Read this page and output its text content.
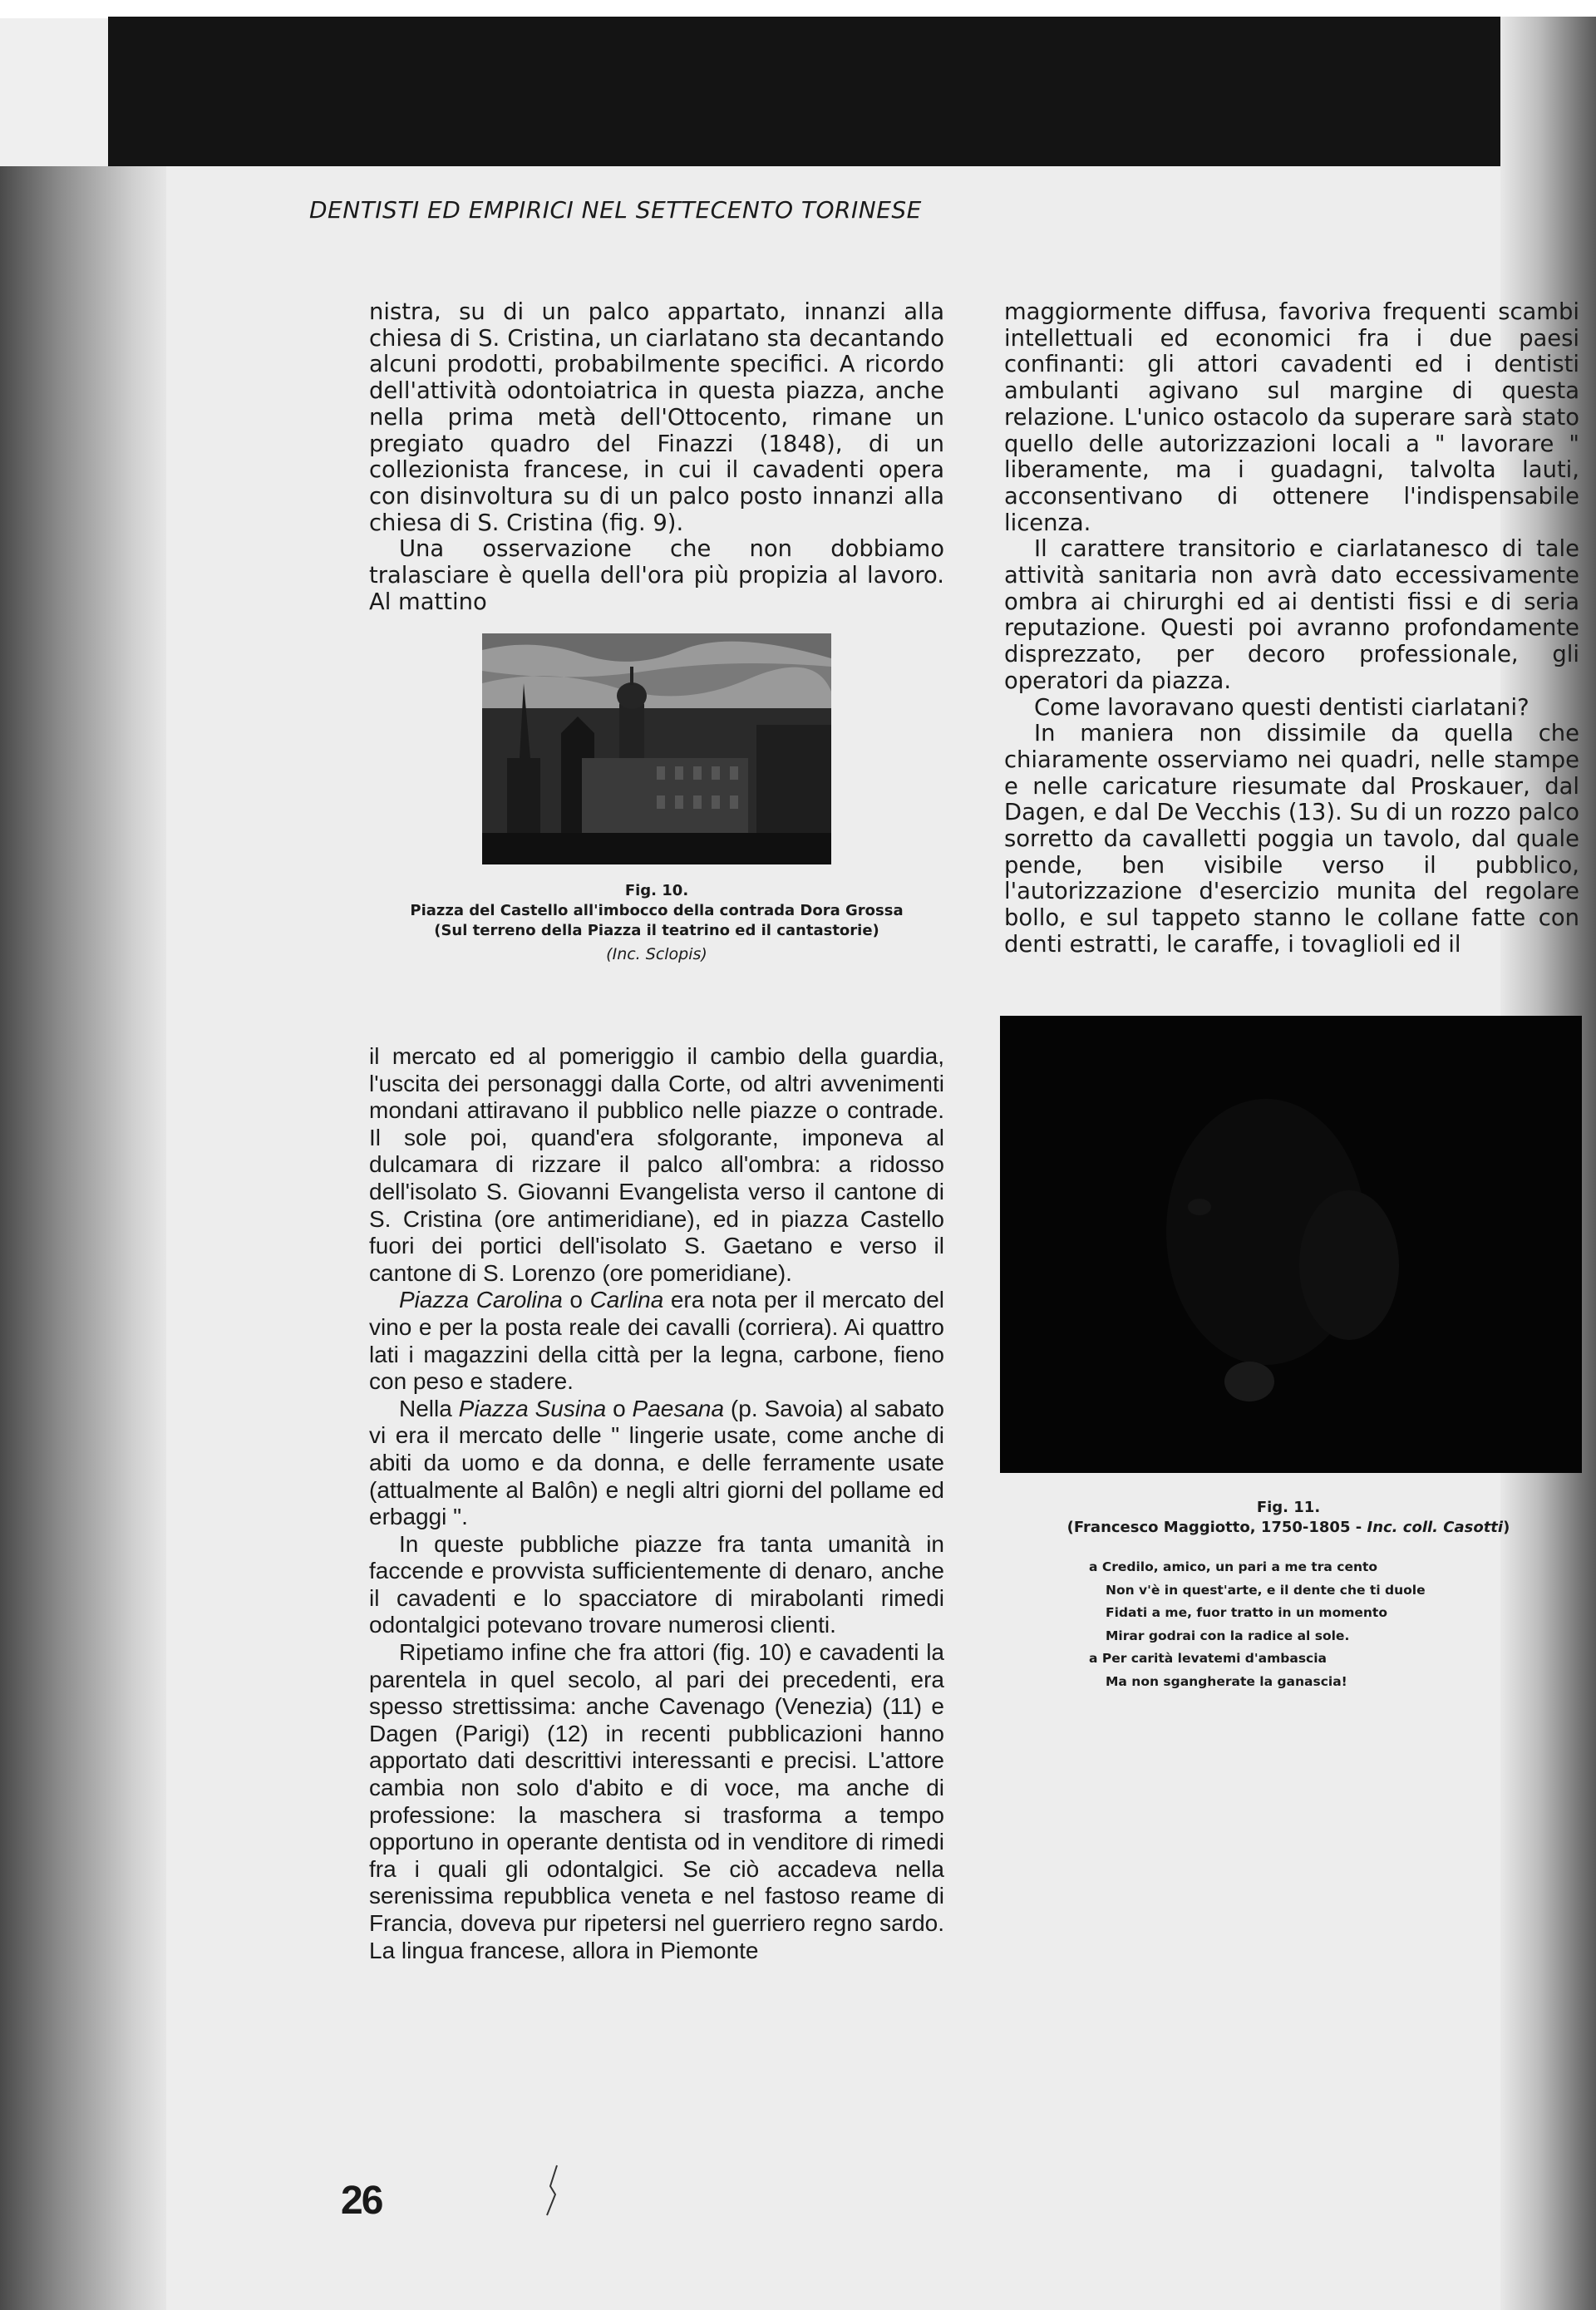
DENTISTI ED EMPIRICI NEL SETTECENTO TORINESE

nistra, su di un palco appartato, innanzi alla chiesa di S. Cristina, un ciarlatano sta decantando alcuni prodotti, probabilmente specifici. A ricordo dell'attività odontoiatrica in questa piazza, anche nella prima metà dell'Ottocento, rimane un pregiato quadro del Finazzi (1848), di un collezionista francese, in cui il cavadenti opera con disinvoltura su di un palco posto innanzi alla chiesa di S. Cristina (fig. 9).

Una osservazione che non dobbiamo tralasciare è quella dell'ora più propizia al lavoro. Al mattino

Fig. 10.
Piazza del Castello all'imbocco della contrada Dora Grossa
(Sul terreno della Piazza il teatrino ed il cantastorie)
(Inc. Sclopis)

il mercato ed al pomeriggio il cambio della guardia, l'uscita dei personaggi dalla Corte, od altri avvenimenti mondani attiravano il pubblico nelle piazze o contrade. Il sole poi, quand'era sfolgorante, imponeva al dulcamara di rizzare il palco all'ombra: a ridosso dell'isolato S. Giovanni Evangelista verso il cantone di S. Cristina (ore antimeridiane), ed in piazza Castello fuori dei portici dell'isolato S. Gaetano e verso il cantone di S. Lorenzo (ore pomeridiane).

Piazza Carolina o Carlina era nota per il mercato del vino e per la posta reale dei cavalli (corriera). Ai quattro lati i magazzini della città per la legna, carbone, fieno con peso e stadere.

Nella Piazza Susina o Paesana (p. Savoia) al sabato vi era il mercato delle " lingerie usate, come anche di abiti da uomo e da donna, e delle ferramente usate (attualmente al Balôn) e negli altri giorni del pollame ed erbaggi ".

In queste pubbliche piazze fra tanta umanità in faccende e provvista sufficientemente di denaro, anche il cavadenti e lo spacciatore di mirabolanti rimedi odontalgici potevano trovare numerosi clienti.

Ripetiamo infine che fra attori (fig. 10) e cavadenti la parentela in quel secolo, al pari dei precedenti, era spesso strettissima: anche Cavenago (Venezia) (11) e Dagen (Parigi) (12) in recenti pubblicazioni hanno apportato dati descrittivi interessanti e precisi. L'attore cambia non solo d'abito e di voce, ma anche di professione: la maschera si trasforma a tempo opportuno in operante dentista od in venditore di rimedi fra i quali gli odontalgici. Se ciò accadeva nella serenissima repubblica veneta e nel fastoso reame di Francia, doveva pur ripetersi nel guerriero regno sardo. La lingua francese, allora in Piemonte

maggiormente diffusa, favoriva frequenti scambi intellettuali ed economici fra i due paesi confinanti: gli attori cavadenti ed i dentisti ambulanti agivano sul margine di questa relazione. L'unico ostacolo da superare sarà stato quello delle autorizzazioni locali a " lavorare " liberamente, ma i guadagni, talvolta lauti, acconsentivano di ottenere l'indispensabile licenza.

Il carattere transitorio e ciarlatanesco di tale attività sanitaria non avrà dato eccessivamente ombra ai chirurghi ed ai dentisti fissi e di seria reputazione. Questi poi avranno profondamente disprezzato, per decoro professionale, gli operatori da piazza.

Come lavoravano questi dentisti ciarlatani?

In maniera non dissimile da quella che chiaramente osserviamo nei quadri, nelle stampe e nelle caricature riesumate dal Proskauer, dal Dagen, e dal De Vecchis (13). Su di un rozzo palco sorretto da cavalletti poggia un tavolo, dal quale pende, ben visibile verso il pubblico, l'autorizzazione d'esercizio munita del regolare bollo, e sul tappeto stanno le collane fatte con denti estratti, le caraffe, i tovaglioli ed il

Fig. 11.
(Francesco Maggiotto, 1750-1805 - Inc. coll. Casotti)
a Credilo, amico, un pari a me tra cento
Non v'è in quest'arte, e il dente che ti duole
Fidati a me, fuor tratto in un momento
Mirar godrai con la radice al sole.
a Per carità levatemi d'ambascia
Ma non sgangherate la ganascia!
26
